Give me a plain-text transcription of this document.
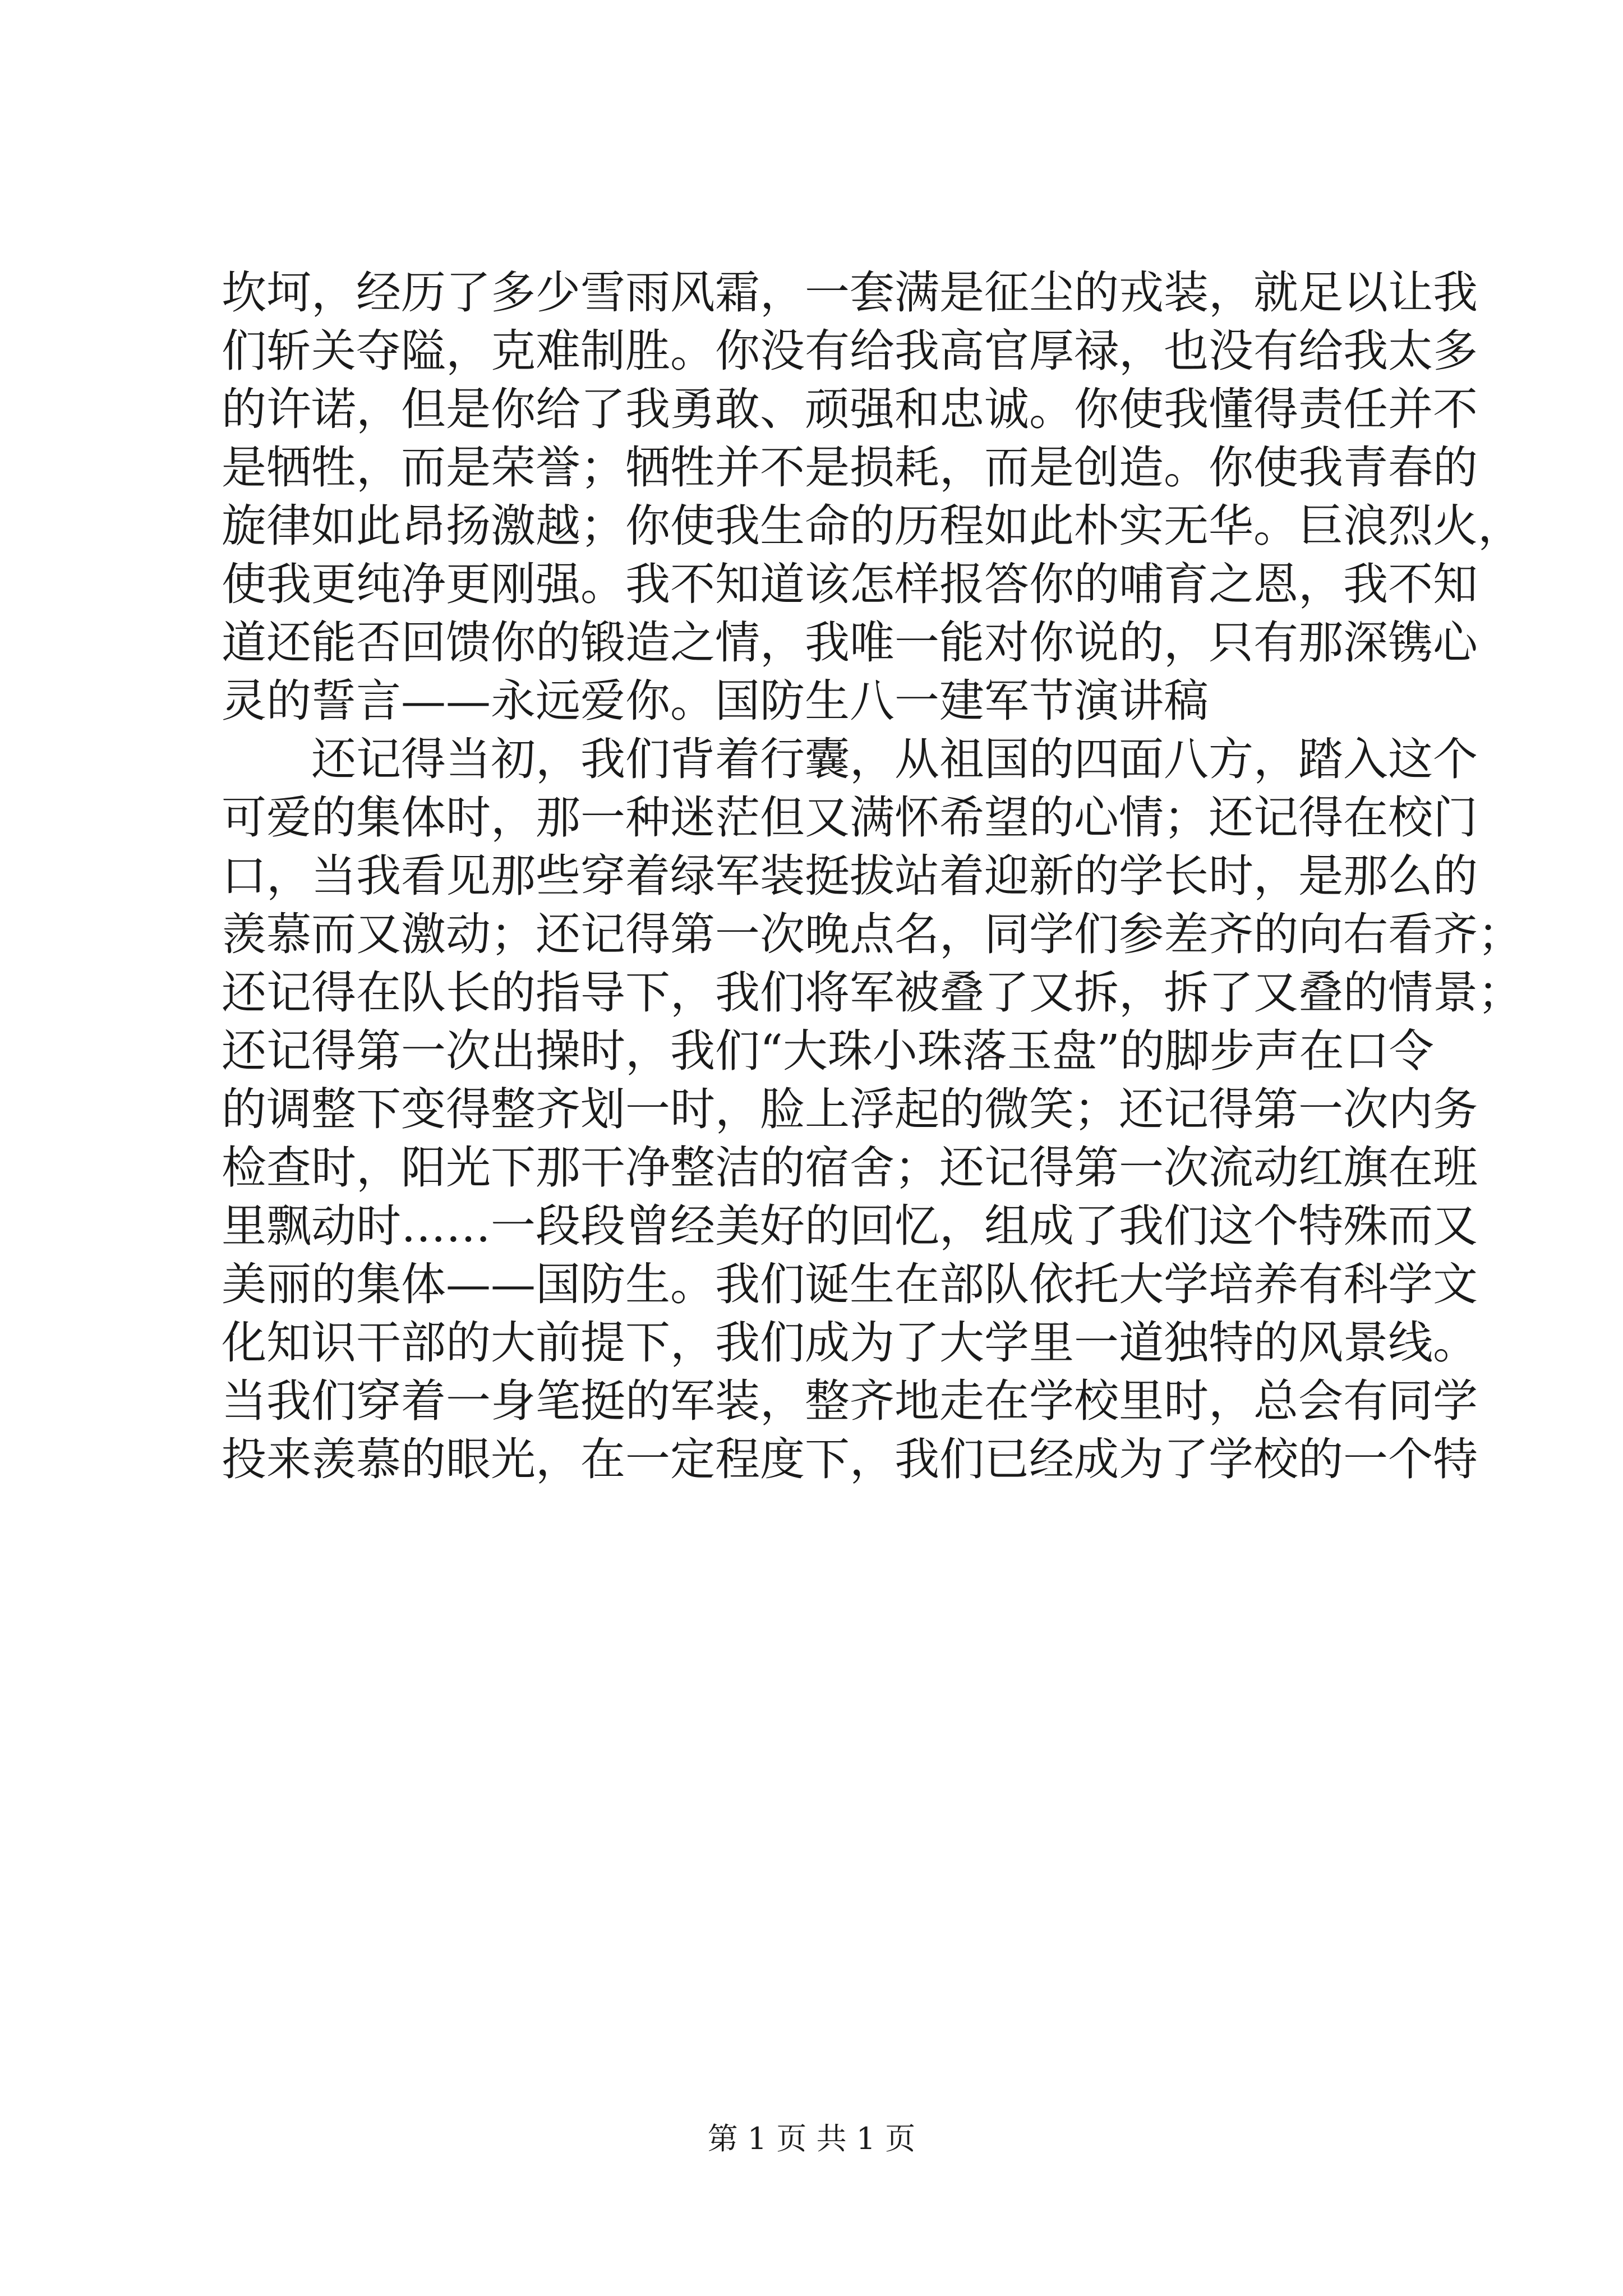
坎坷，经历了多少雪雨风霜，一套满是征尘的戎装，就足以让我
们斩关夺隘，克难制胜。你没有给我高官厚禄，也没有给我太多
的许诺，但是你给了我勇敢、顽强和忠诚。你使我懂得责任并不
是牺牲，而是荣誉；牺牲并不是损耗，而是创造。你使我青春的
旋律如此昂扬激越；你使我生命的历程如此朴实无华。巨浪烈火，
使我更纯净更刚强。我不知道该怎样报答你的哺育之恩，我不知
道还能否回馈你的锻造之情，我唯一能对你说的，只有那深镌心
灵的誓言——永远爱你。国防生八一建军节演讲稿
还记得当初，我们背着行囊，从祖国的四面八方，踏入这个
可爱的集体时，那一种迷茫但又满怀希望的心情；还记得在校门
口，当我看见那些穿着绿军装挺拔站着迎新的学长时，是那么的
羡慕而又激动；还记得第一次晚点名，同学们参差齐的向右看齐；
还记得在队长的指导下，我们将军被叠了又拆，拆了又叠的情景；
还记得第一次出操时，我们“大珠小珠落玉盘”的脚步声在口令
的调整下变得整齐划一时，脸上浮起的微笑；还记得第一次内务
检查时，阳光下那干净整洁的宿舍；还记得第一次流动红旗在班
里飘动时……一段段曾经美好的回忆，组成了我们这个特殊而又
美丽的集体——国防生。我们诞生在部队依托大学培养有科学文
化知识干部的大前提下，我们成为了大学里一道独特的风景线。
当我们穿着一身笔挺的军装，整齐地走在学校里时，总会有同学
投来羡慕的眼光，在一定程度下，我们已经成为了学校的一个特
第 1 页 共 1 页
